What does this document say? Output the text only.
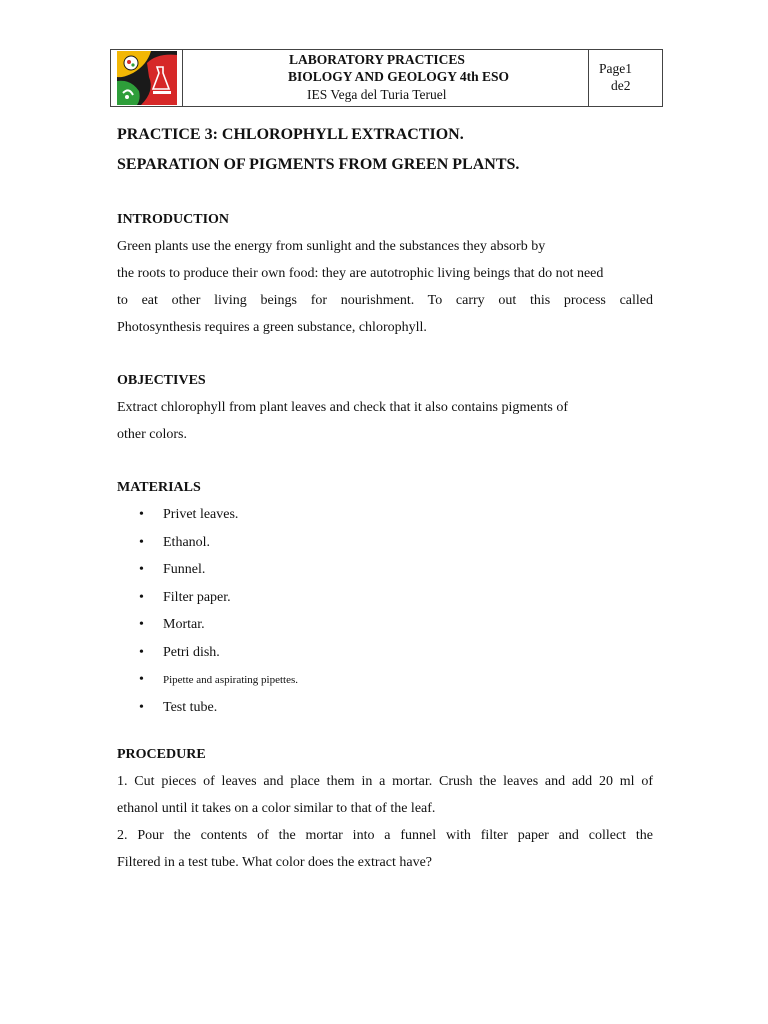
LABORATORY PRACTICES
BIOLOGY AND GEOLOGY 4th ESO
IES Vega del Turia Teruel
Page1
de2

PRACTICE 3: CHLOROPHYLL EXTRACTION.

SEPARATION OF PIGMENTS FROM GREEN PLANTS.

INTRODUCTION

Green plants use the energy from sunlight and the substances they absorb by
the roots to produce their own food: they are autotrophic living beings that do not need
to eat other living beings for nourishment. To carry out this process called
Photosynthesis requires a green substance, chlorophyll.

OBJECTIVES

Extract chlorophyll from plant leaves and check that it also contains pigments of
other colors.

MATERIALS

• Privet leaves.
• Ethanol.
• Funnel.
• Filter paper.
• Mortar.
• Petri dish.
• Pipette and aspirating pipettes.
• Test tube.

PROCEDURE

1. Cut pieces of leaves and place them in a mortar. Crush the leaves and add 20 ml of
ethanol until it takes on a color similar to that of the leaf.
2. Pour the contents of the mortar into a funnel with filter paper and collect the
Filtered in a test tube. What color does the extract have?
